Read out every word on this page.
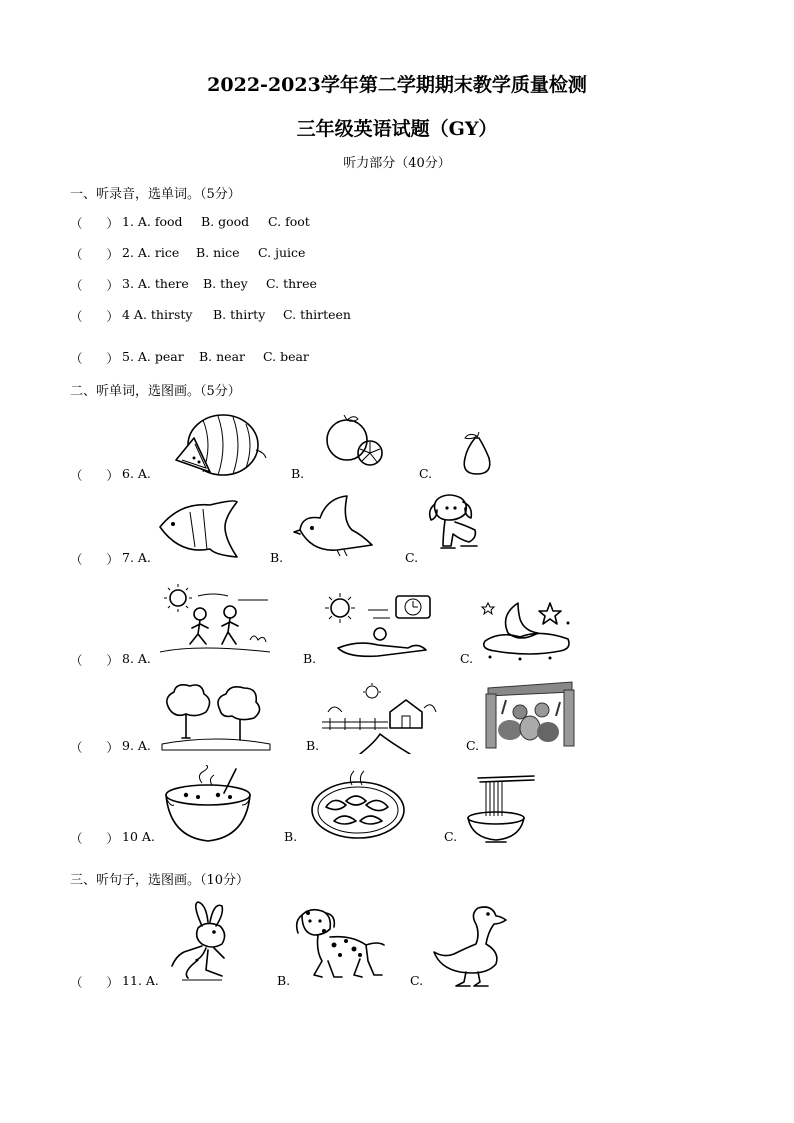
2022-2023学年第二学期期末教学质量检测
三年级英语试题（GY）
听力部分（40分）
一、听录音，选单词。（5分）
（      ） 1. A. food B. good C. foot
（      ） 2. A. rice B. nice C. juice
（      ） 3. A. there B. they C. three
（      ） 4 A. thirsty B. thirty C. thirteen
（      ） 5. A. pear B. near C. bear
二、听单词，选图画。（5分）
（      ） 6. A.	B.	C.
（      ） 7. A.	B.	C.
（      ） 8. A.	B.	C.
（      ） 9. A.	B.	C.
（      ） 10 A.	B.	C.
三、听句子，选图画。（10分）
（      ） 11. A.	B.	C.
